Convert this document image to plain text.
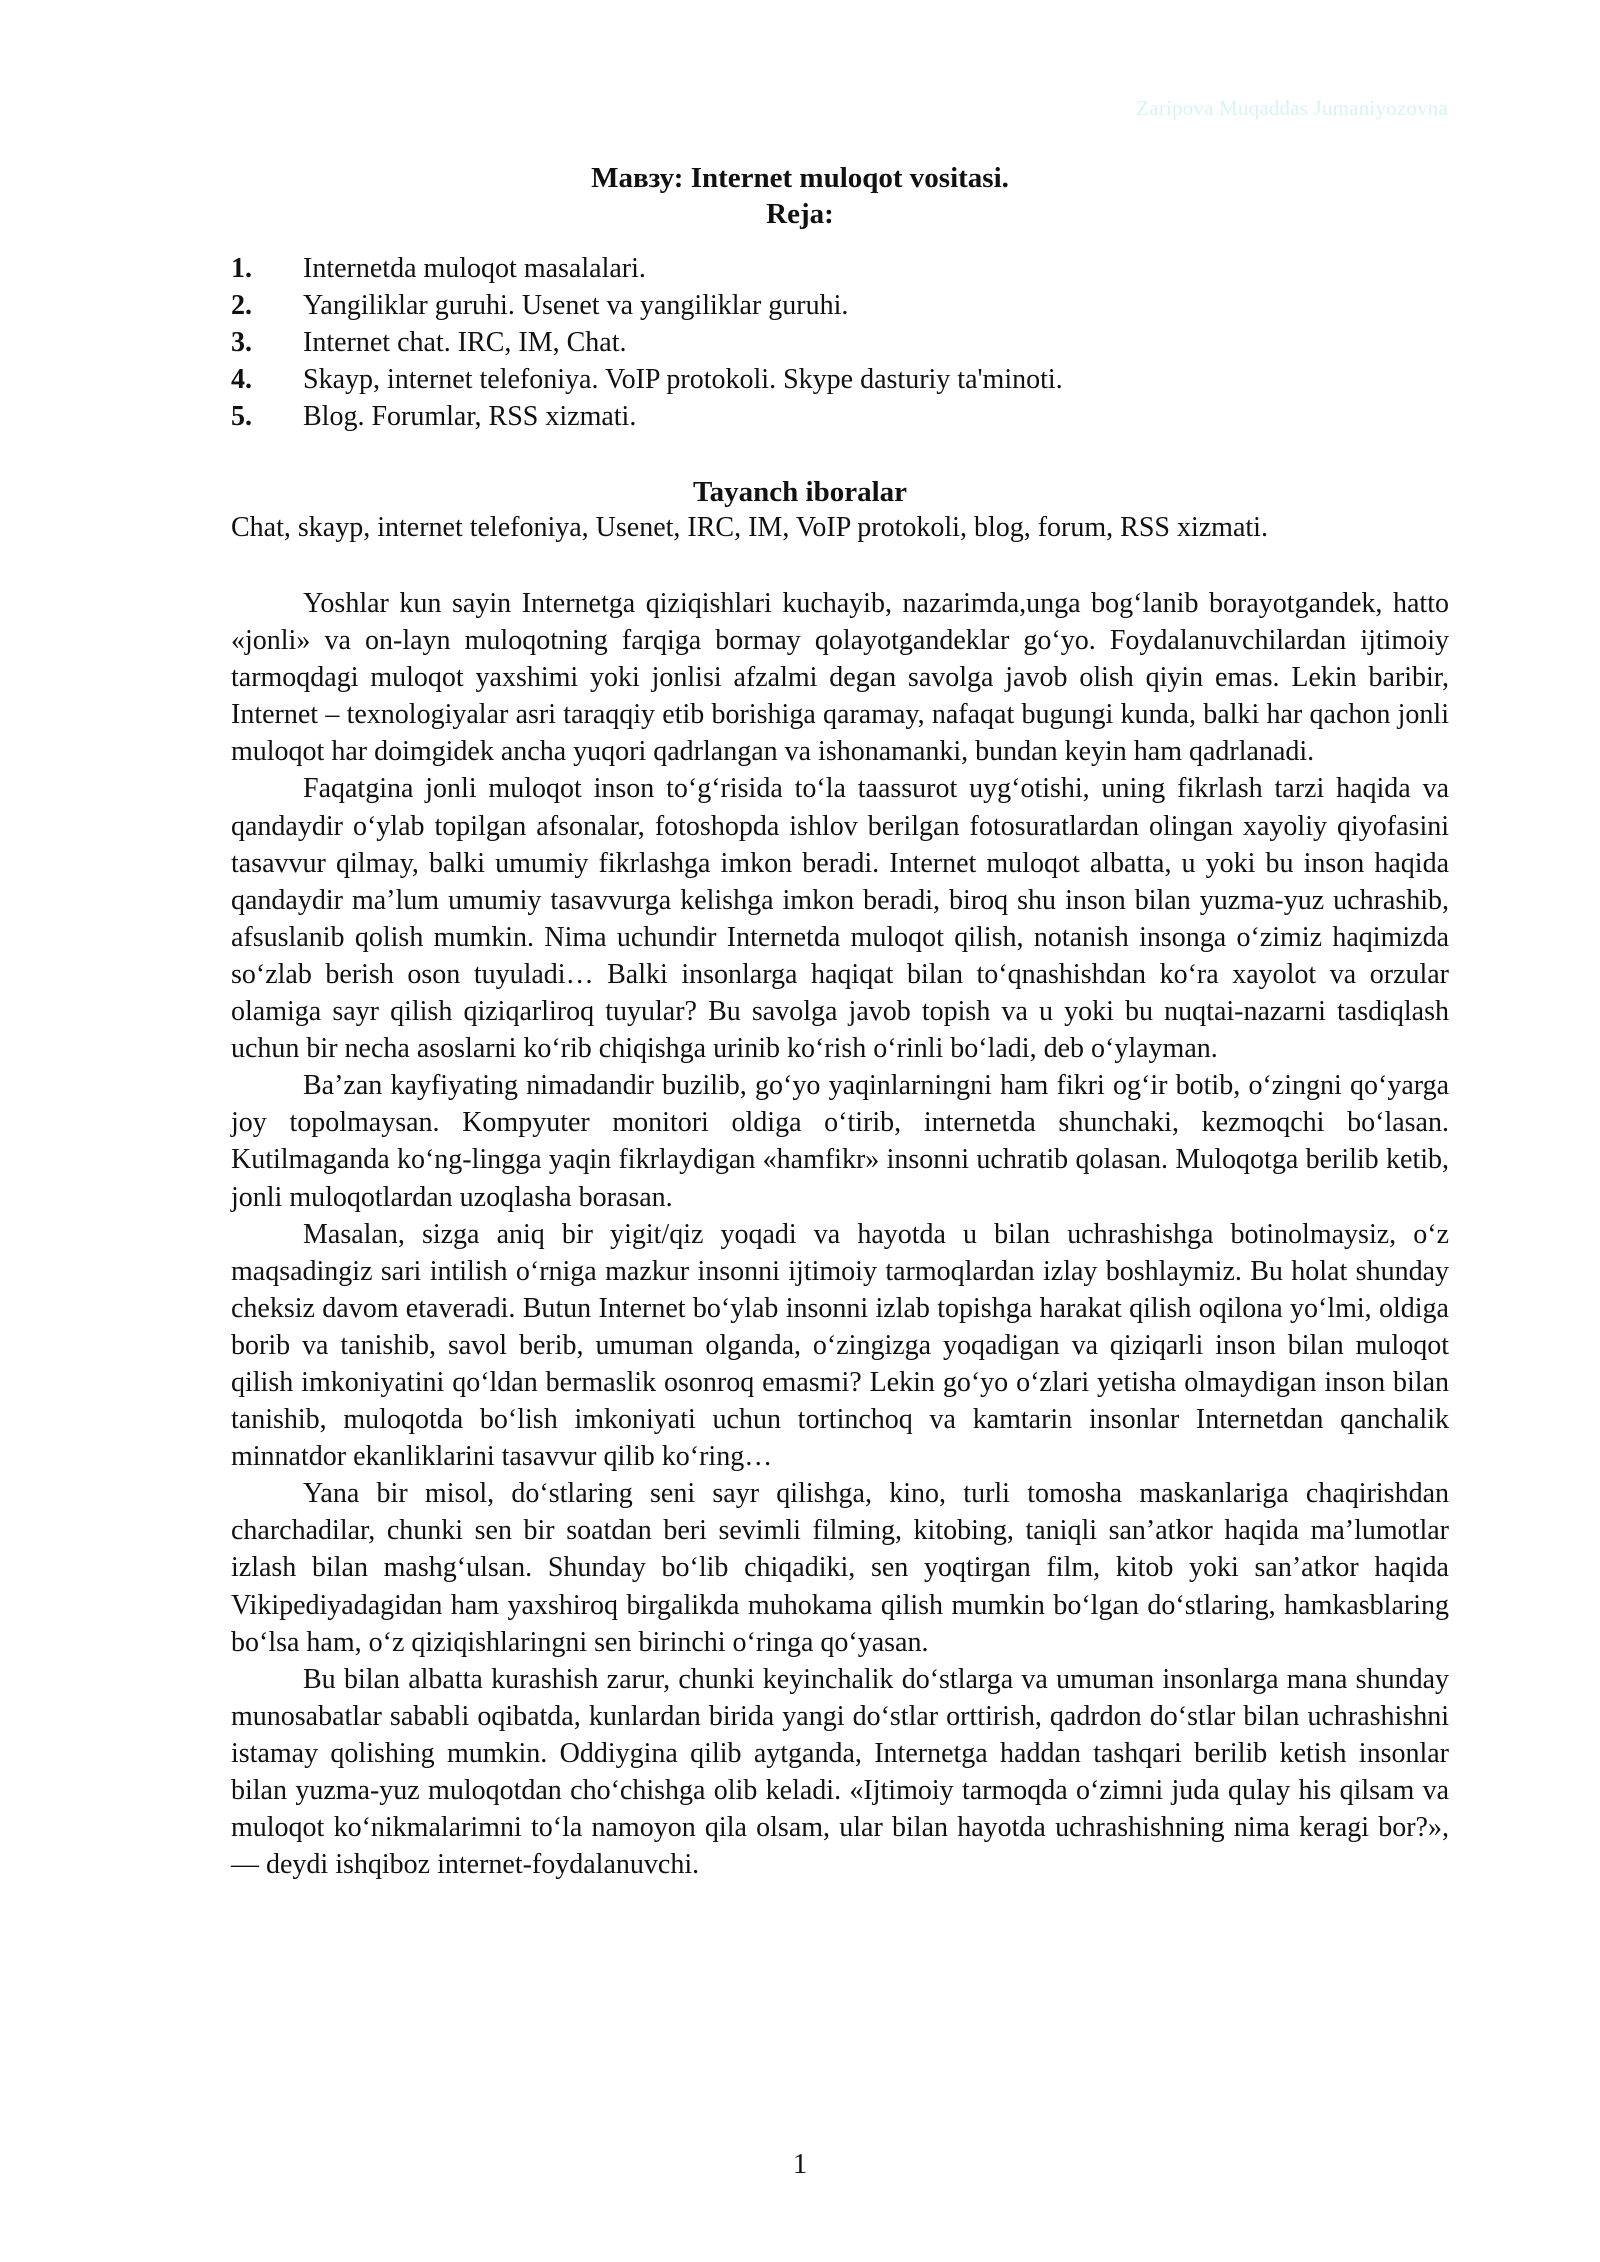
Zaripova Muqaddas Jumaniyozovna
Мавзу: Internet muloqot vositasi.
Reja:
1. Internetda muloqot masalalari.
2. Yangiliklar guruhi. Usenet va yangiliklar guruhi.
3. Internet chat. IRC, IM, Chat.
4. Skayp, internet telefoniya. VoIP protokoli. Skype dasturiy ta'minoti.
5. Blog. Forumlar, RSS xizmati.
Tayanch iboralar
Chat, skayp, internet telefoniya, Usenet, IRC, IM, VoIP protokoli, blog, forum, RSS xizmati.

Yoshlar kun sayin Internetga qiziqishlari kuchayib, nazarimda,unga bog‘lanib borayotgandek, hatto «jonli» va on-layn muloqotning farqiga bormay qolayotgandeklar go‘yo. Foydalanuvchilardan ijtimoiy tarmoqdagi muloqot yaxshimi yoki jonlisi afzalmi degan savolga javob olish qiyin emas. Lekin baribir, Internet – texnologiyalar asri taraqqiy etib borishiga qaramay, nafaqat bugungi kunda, balki har qachon jonli muloqot har doimgidek ancha yuqori qadrlangan va ishonamanki, bundan keyin ham qadrlanadi.

Faqatgina jonli muloqot inson to‘g‘risida to‘la taassurot uyg‘otishi, uning fikrlash tarzi haqida va qandaydir o‘ylab topilgan afsonalar, fotoshopda ishlov berilgan fotosuratlardan olingan xayoliy qiyofasini tasavvur qilmay, balki umumiy fikrlashga imkon beradi. Internet muloqot albatta, u yoki bu inson haqida qandaydir ma’lum umumiy tasavvurga kelishga imkon beradi, biroq shu inson bilan yuzma-yuz uchrashib, afsuslanib qolish mumkin. Nima uchundir Internetda muloqot qilish, notanish insonga o‘zimiz haqimizda so‘zlab berish oson tuyuladi… Balki insonlarga haqiqat bilan to‘qnashishdan ko‘ra xayolot va orzular olamiga sayr qilish qiziqarliroq tuyular? Bu savolga javob topish va u yoki bu nuqtai-nazarni tasdiqlash uchun bir necha asoslarni ko‘rib chiqishga urinib ko‘rish o‘rinli bo‘ladi, deb o‘ylayman.

Ba’zan kayfiyating nimadandir buzilib, go‘yo yaqinlarningni ham fikri og‘ir botib, o‘zingni qo‘yarga joy topolmaysan. Kompyuter monitori oldiga o‘tirib, internetda shunchaki, kezmoqchi bo‘lasan. Kutilmaganda ko‘ng-lingga yaqin fikrlaydigan «hamfikr» insonni uchratib qolasan. Muloqotga berilib ketib, jonli muloqotlardan uzoqlasha borasan.

Masalan, sizga aniq bir yigit/qiz yoqadi va hayotda u bilan uchrashishga botinolmaysiz, o‘z maqsadingiz sari intilish o‘rniga mazkur insonni ijtimoiy tarmoqlardan izlay boshlaymiz. Bu holat shunday cheksiz davom etaveradi. Butun Internet bo‘ylab insonni izlab topishga harakat qilish oqilona yo‘lmi, oldiga borib va tanishib, savol berib, umuman olganda, o‘zingizga yoqadigan va qiziqarli inson bilan muloqot qilish imkoniyatini qo‘ldan bermaslik osonroq emasmi? Lekin go‘yo o‘zlari yetisha olmaydigan inson bilan tanishib, muloqotda bo‘lish imkoniyati uchun tortinchoq va kamtarin insonlar Internetdan qanchalik minnatdor ekanliklarini tasavvur qilib ko‘ring…

Yana bir misol, do‘stlaring seni sayr qilishga, kino, turli tomosha maskanlariga chaqirishdan charchadilar, chunki sen bir soatdan beri sevimli filming, kitobing, taniqli san’atkor haqida ma’lumotlar izlash bilan mashg‘ulsan. Shunday bo‘lib chiqadiki, sen yoqtirgan film, kitob yoki san’atkor haqida Vikipediyadagidan ham yaxshiroq birgalikda muhokama qilish mumkin bo‘lgan do‘stlaring, hamkasblaring bo‘lsa ham, o‘z qiziqishlaringni sen birinchi o‘ringa qo‘yasan.

Bu bilan albatta kurashish zarur, chunki keyinchalik do‘stlarga va umuman insonlarga mana shunday munosabatlar sababli oqibatda, kunlardan birida yangi do‘stlar orttirish, qadrdon do‘stlar bilan uchrashishni istamay qolishing mumkin. Oddiygina qilib aytganda, Internetga haddan tashqari berilib ketish insonlar bilan yuzma-yuz muloqotdan cho‘chishga olib keladi. «Ijtimoiy tarmoqda o‘zimni juda qulay his qilsam va muloqot ko‘nikmalarimni to‘la namoyon qila olsam, ular bilan hayotda uchrashishning nima keragi bor?», — deydi ishqiboz internet-foydalanuvchi.

1
